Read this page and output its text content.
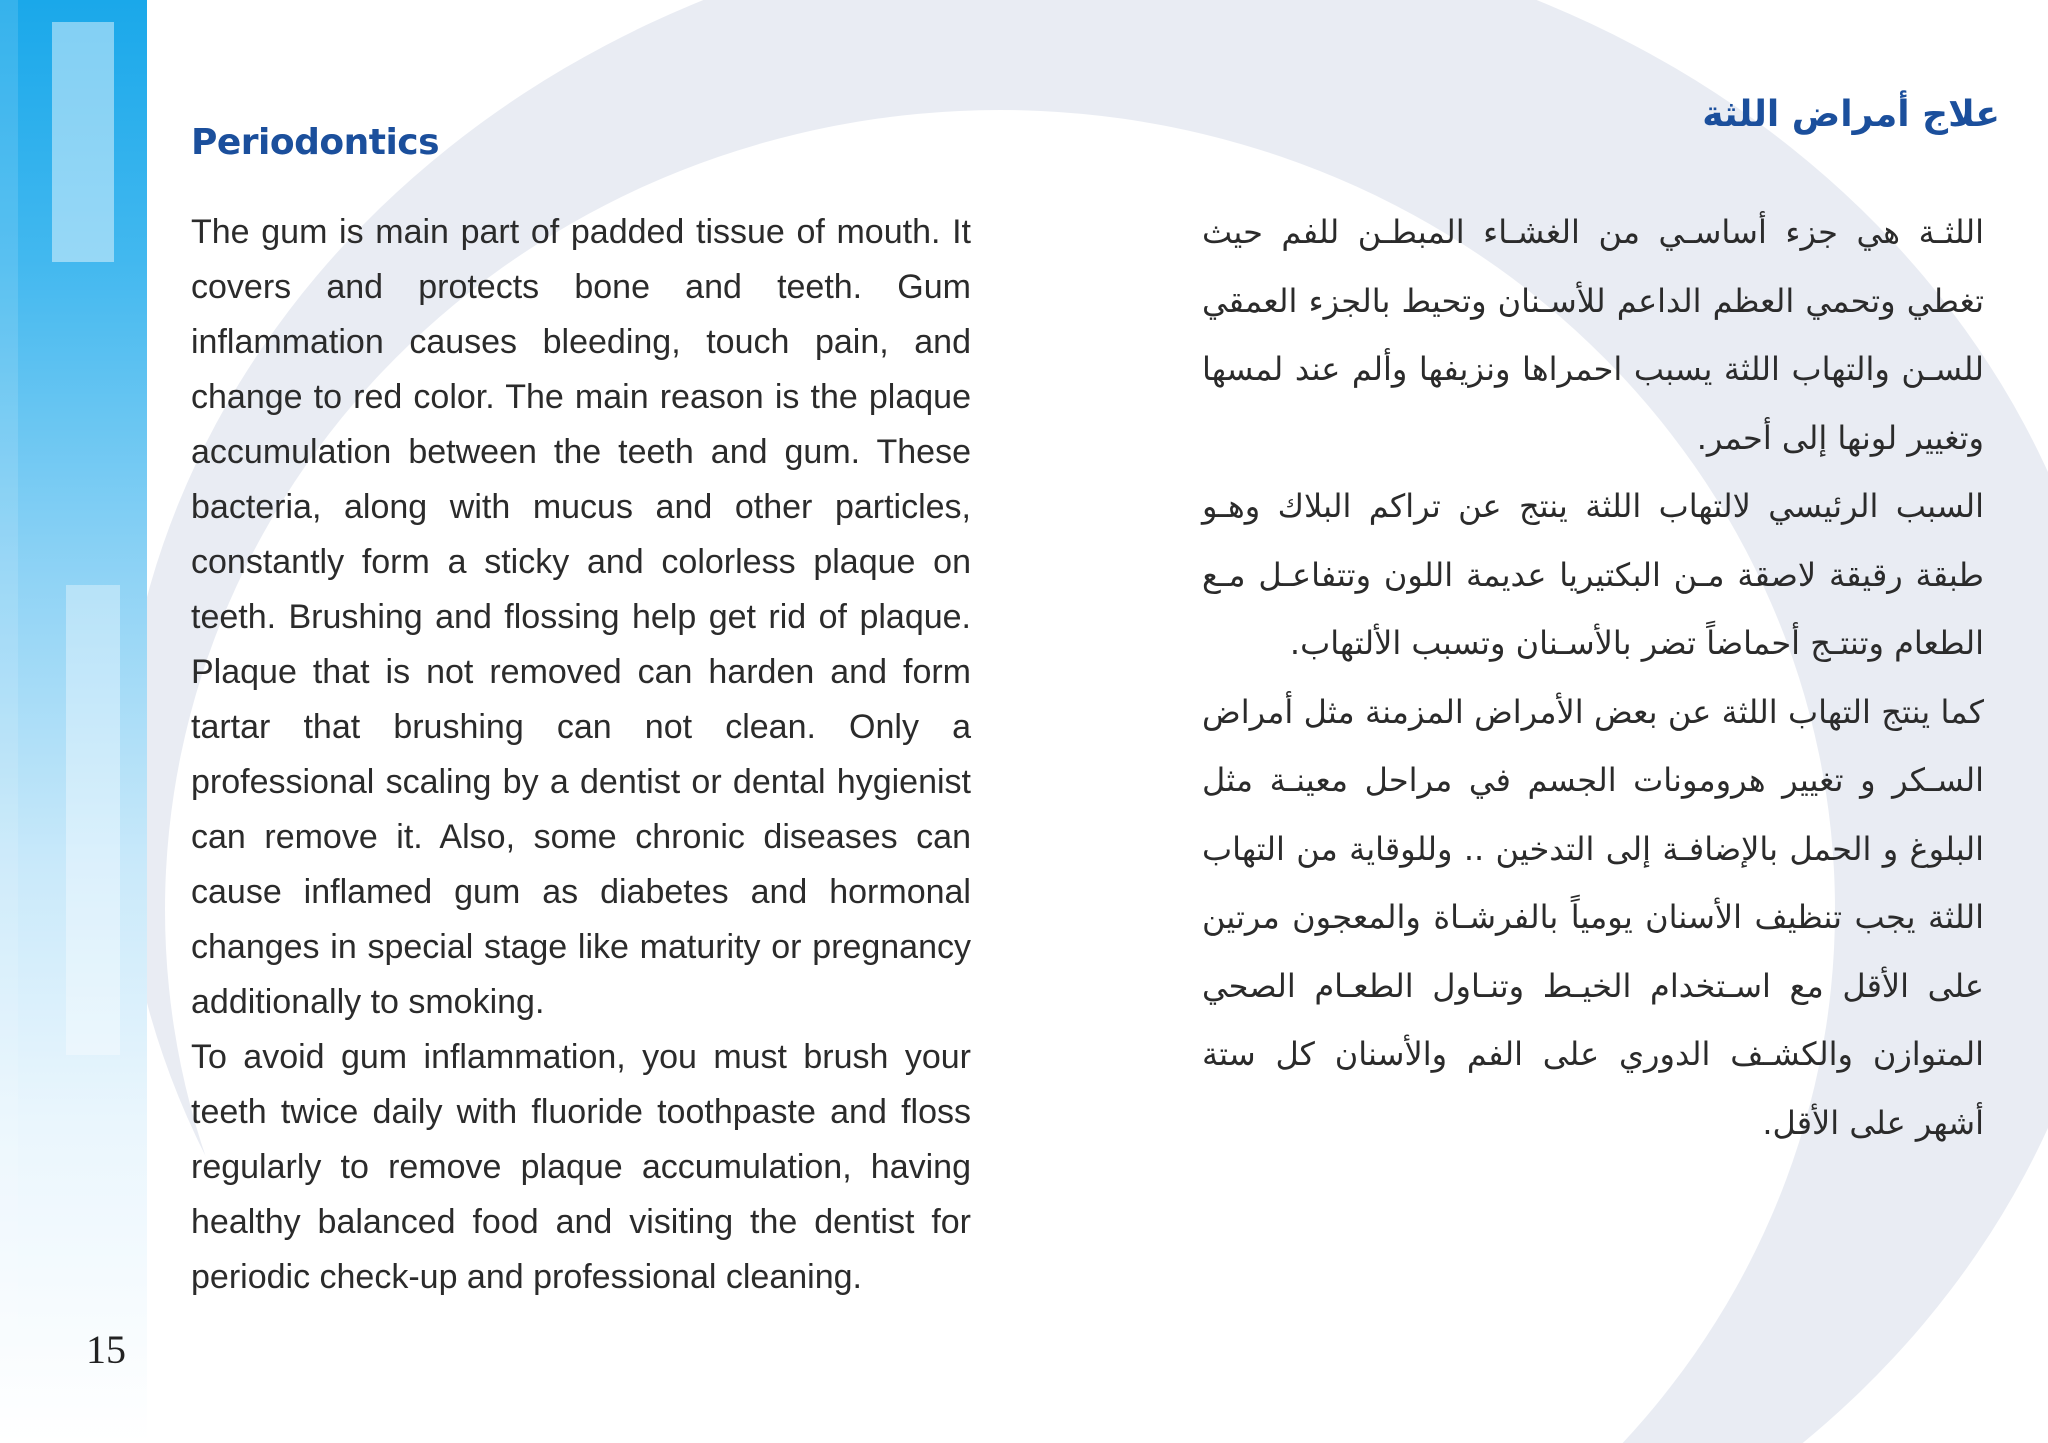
Periodontics

The gum is main part of padded tissue of mouth. It covers and protects bone and teeth. Gum inflammation causes bleeding, touch pain, and change to red color. The main reason is the plaque accumulation between the teeth and gum. These bacteria, along with mucus and other particles, constantly form a sticky and colorless plaque on teeth. Brushing and flossing help get rid of plaque. Plaque that is not removed can harden and form tartar that brushing can not clean. Only a professional scaling by a dentist or dental hygienist can remove it. Also, some chronic diseases can cause inflamed gum as diabetes and hormonal changes in special stage like maturity or pregnancy additionally to smoking.

To avoid gum inflammation, you must brush your teeth twice daily with fluoride toothpaste and floss regularly to remove plaque accumulation, having healthy balanced food and visiting the dentist for periodic check-up and professional cleaning.

علاج أمراض اللثة

اللثـة هي جزء أساسـي من الغشـاء المبطـن للفم حيث تغطي وتحمي العظم الداعم للأسـنان وتحيط بالجزء العمقي للسـن والتهاب اللثة يسبب احمراها ونزيفها وألم عند لمسها وتغيير لونها إلى أحمر.

السبب الرئيسي لالتهاب اللثة ينتج عن تراكم البلاك وهـو طبقة رقيقة لاصقة مـن البكتيريا عديمة اللون وتتفاعـل مـع الطعام وتنتـج أحماضاً تضر بالأسـنان وتسبب الألتهاب.

كما ينتج التهاب اللثة عن بعض الأمراض المزمنة مثل أمراض السـكر و تغيير هرومونات الجسم في مراحل معينـة مثل البلوغ و الحمل بالإضافـة إلى التدخين .. وللوقاية من التهاب اللثة يجب تنظيف الأسنان يومياً بالفرشـاة والمعجون مرتين على الأقل مع اسـتخدام الخيـط وتنـاول الطعـام الصحي المتوازن والكشـف الدوري على الفم والأسنان كل ستة أشهر على الأقل.

15
